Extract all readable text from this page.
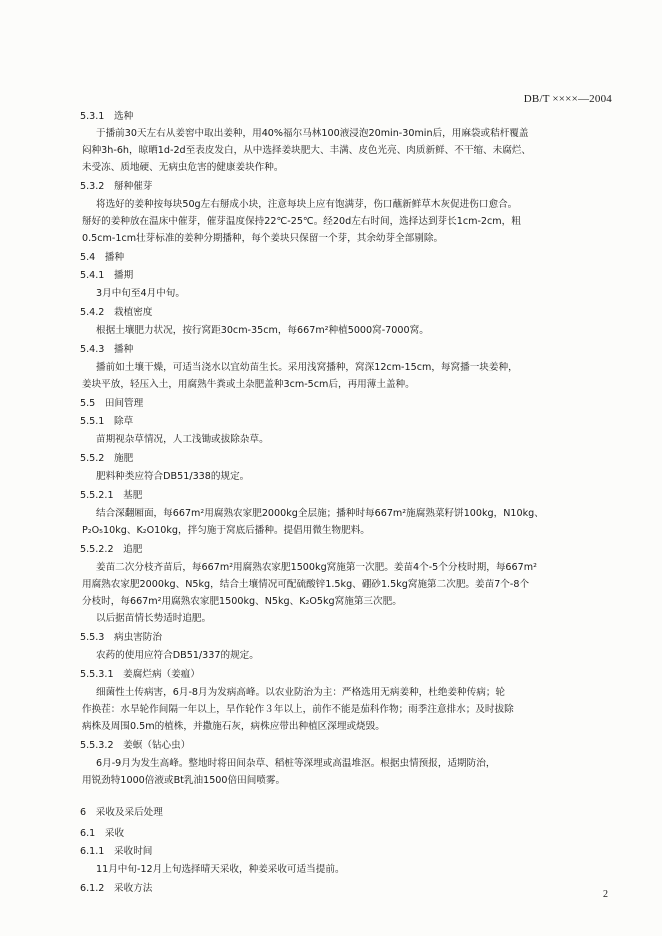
DB/T ××××—2004
5.3.1　选种
于播前30天左右从姜窖中取出姜种，用40%福尔马林100液浸泡20min-30min后，用麻袋或秸杆覆盖
闷种3h-6h，晾晒1d-2d至表皮发白，从中选择姜块肥大、丰满、皮色光亮、肉质新鲜、不干缩、未腐烂、
未受冻、质地硬、无病虫危害的健康姜块作种。
5.3.2　掰种催芽
将选好的姜种按每块50g左右掰成小块，注意每块上应有饱满芽，伤口蘸新鲜草木灰促进伤口愈合。
掰好的姜种放在温床中催芽，催芽温度保持22℃-25℃。经20d左右时间，选择达到芽长1cm-2cm，粗
0.5cm-1cm壮芽标准的姜种分期播种，每个姜块只保留一个芽，其余幼芽全部剔除。
5.4　播种
5.4.1　播期
3月中旬至4月中旬。
5.4.2　栽植密度
根据土壤肥力状况，按行窝距30cm-35cm，每667m²种植5000窝-7000窝。
5.4.3　播种
播前如土壤干燥，可适当浇水以宜幼苗生长。采用浅窝播种，窝深12cm-15cm，每窝播一块姜种，
姜块平放，轻压入土，用腐熟牛粪或土杂肥盖种3cm-5cm后，再用薄土盖种。
5.5　田间管理
5.5.1　除草
苗期视杂草情况，人工浅锄或拔除杂草。
5.5.2　施肥
肥料种类应符合DB51/338的规定。
5.5.2.1　基肥
结合深翻厢面，每667m²用腐熟农家肥2000kg全层施；播种时每667m²施腐熟菜籽饼100kg，N10kg、
P₂O₅10kg、K₂O10kg，拌匀施于窝底后播种。提倡用微生物肥料。
5.5.2.2　追肥
姜苗二次分枝齐苗后，每667m²用腐熟农家肥1500kg窝施第一次肥。姜苗4个-5个分枝时期，每667m²
用腐熟农家肥2000kg、N5kg，结合土壤情况可配硫酸锌1.5kg、硼砂1.5kg窝施第二次肥。姜苗7个-8个
分枝时，每667m²用腐熟农家肥1500kg、N5kg、K₂O5kg窝施第三次肥。
以后据苗情长势适时追肥。
5.5.3　病虫害防治
农药的使用应符合DB51/337的规定。
5.5.3.1　姜腐烂病（姜瘟）
细菌性土传病害，6月-8月为发病高峰。以农业防治为主：严格选用无病姜种，杜绝姜种传病；轮
作换茬：水旱轮作间隔一年以上，旱作轮作３年以上，前作不能是茄科作物；雨季注意排水；及时拔除
病株及周围0.5m的植株，并撒施石灰，病株应带出种植区深埋或烧毁。
5.5.3.2　姜螟（钻心虫）
6月-9月为发生高峰。整地时将田间杂草、稻桩等深埋或高温堆沤。根据虫情预报，适期防治，
用锐劲特1000倍液或Bt乳油1500倍田间喷雾。
6　采收及采后处理
6.1　采收
6.1.1　采收时间
11月中旬-12月上旬选择晴天采收，种姜采收可适当提前。
6.1.2　采收方法
2
